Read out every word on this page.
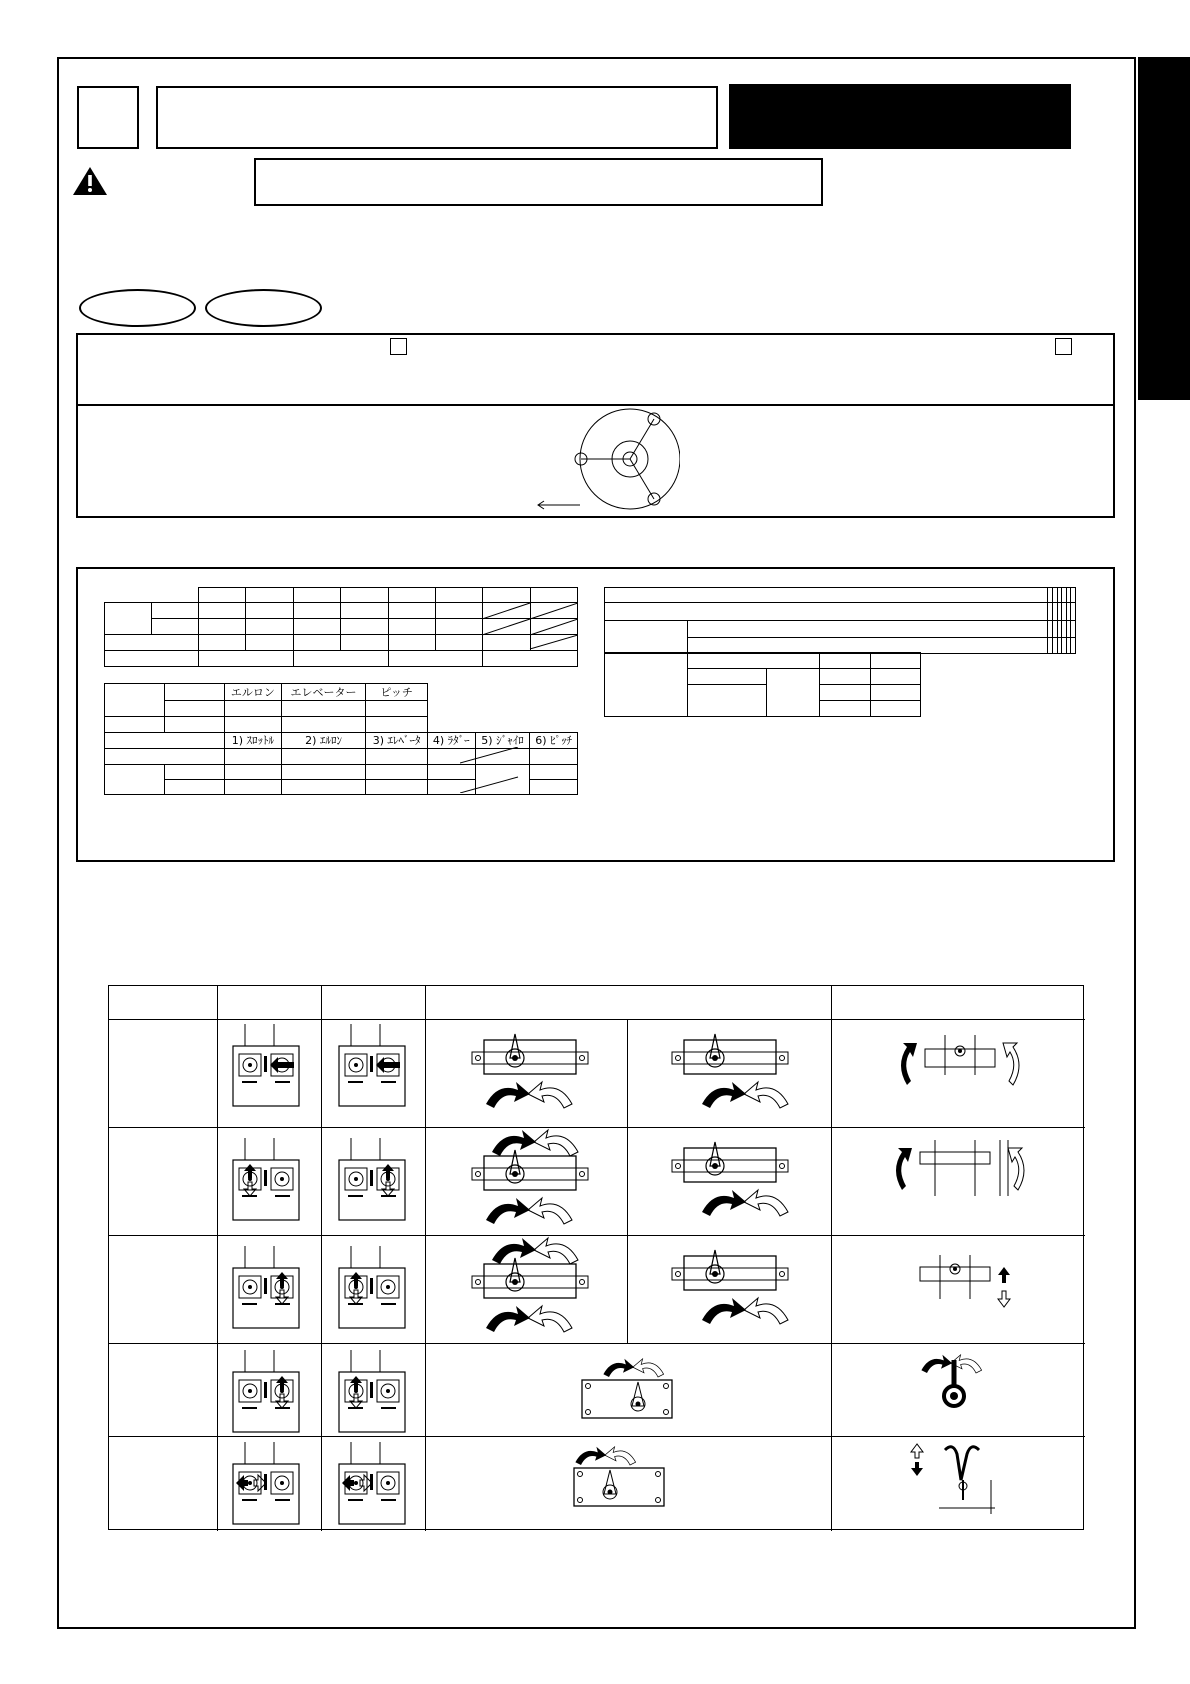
		エルロン	エレベーター	ピッチ			

		1) ｽﾛｯﾄﾙ	2) ｴﾙﾛﾝ	3) ｴﾚﾍﾞｰﾀ	4) ﾗﾀﾞｰ	5) ｼﾞｬｲﾛ	6) ﾋﾟｯﾁ
